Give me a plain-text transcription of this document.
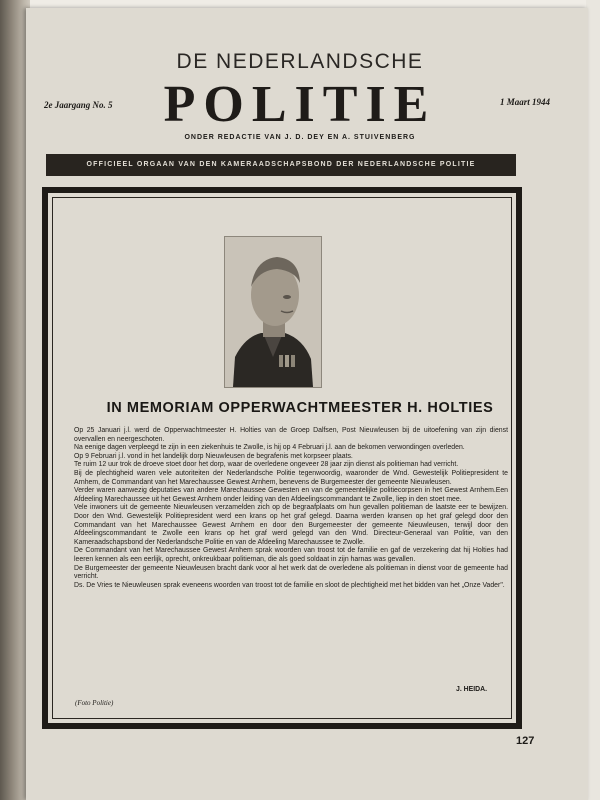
DE NEDERLANDSCHE
POLITIE
2e Jaargang No. 5	1 Maart 1944
ONDER REDACTIE VAN J. D. DEY EN A. STUIVENBERG
OFFICIEEL ORGAAN VAN DEN KAMERAADSCHAPSBOND DER NEDERLANDSCHE POLITIE
IN MEMORIAM OPPERWACHTMEESTER H. HOLTIES

Op 25 Januari j.l. werd de Opperwachtmeester H. Holties van de Groep Dalfsen, Post Nieuwleusen bij de uitoefening van zijn dienst overvallen en neergeschoten.

Na eenige dagen verpleegd te zijn in een ziekenhuis te Zwolle, is hij op 4 Februari j.l. aan de bekomen verwondingen overleden.

Op 9 Februari j.l. vond in het landelijk dorp Nieuwleusen de begrafenis met korpseer plaats.

Te ruim 12 uur trok de droeve stoet door het dorp, waar de overledene ongeveer 28 jaar zijn dienst als politieman had verricht.

Bij de plechtigheid waren vele autoriteiten der Nederlandsche Politie tegenwoordig, waaronder de Wnd. Gewestelijk Politiepresident te Arnhem, de Commandant van het Marechaussee Gewest Arnhem, benevens de Burgemeester der gemeente Nieuwleusen.

Verder waren aanwezig deputaties van andere Marechaussee Gewesten en van de gemeentelijke politiecorpsen in het Gewest Arnhem.Een Afdeeling Marechaussee uit het Gewest Arnhem onder leiding van den Afdeelingscommandant te Zwolle, liep in den stoet mee.

Vele inwoners uit de gemeente Nieuwleusen verzamelden zich op de begraafplaats om hun gevallen politieman de laatste eer te bewijzen. Door den Wnd. Gewestelijk Politiepresident werd een krans op het graf gelegd. Daarna werden kransen op het graf gelegd door den Commandant van het Marechaussee Gewest Arnhem en door den Burgemeester der gemeente Nieuwleusen, terwijl door den Afdeelingscommandant te Zwolle een krans op het graf werd gelegd van den Wnd. Directeur-Generaal van Politie, van den Kameraadschapsbond der Nederlandsche Politie en van de Afdeeling Marechaussee te Zwolle.

De Commandant van het Marechaussee Gewest Arnhem sprak woorden van troost tot de familie en gaf de verzekering dat hij Holties had leeren kennen als een eerlijk, oprecht, onkreukbaar politieman, die als goed soldaat in zijn harnas was gevallen.

De Burgemeester der gemeente Nieuwleusen bracht dank voor al het werk dat de overledene als politieman in dienst voor de gemeente had verricht.

Ds. De Vries te Nieuwleusen sprak eveneens woorden van troost tot de familie en sloot de plechtigheid met het bidden van het „Onze Vader".

J. HEIDA.
(Foto Politie)
127
